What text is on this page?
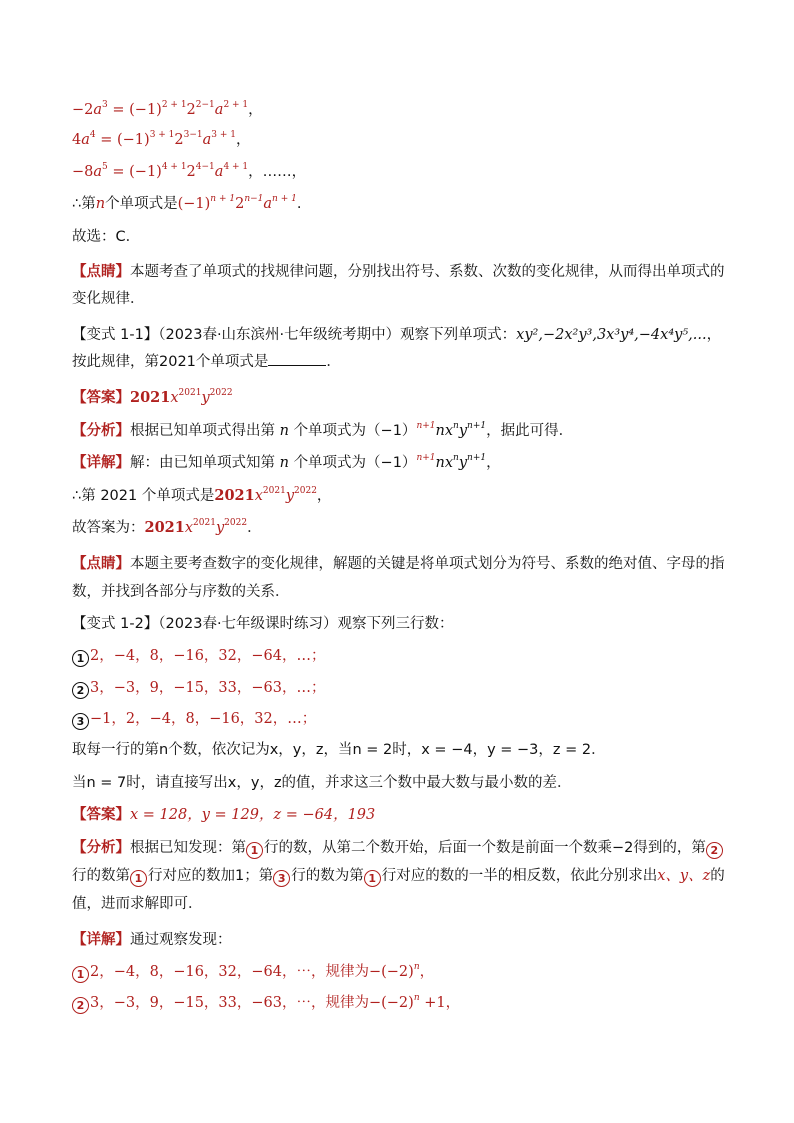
$-2a^3 = (-1)^{2 + 1}2^{2-1}a^{2 + 1}$，
$4a^4 = (-1)^{3 + 1}2^{3-1}a^{3 + 1}$，
$-8a^5 = (-1)^{4 + 1}2^{4-1}a^{4 + 1}$，……，
∴第n个单项式是$(-1)^{n + 1}2^{n-1}a^{n + 1}$.
故选：C．
【点睛】本题考查了单项式的找规律问题，分别找出符号、系数、次数的变化规律，从而得出单项式的变化规律．
【变式 1-1】（2023春·山东滨州·七年级统考期中）观察下列单项式：xy²,−2x²y³,3x³y⁴,−4x⁴y⁵,...，按此规律，第2021个单项式是	．
【答案】$2021x^{2021}y^{2022}$
【分析】根据已知单项式得出第 n 个单项式为$(-1)^{n+1}nx^ny^{n+1}$，据此可得．
【详解】解：由已知单项式知第 n 个单项式为$(-1)^{n+1}nx^ny^{n+1}$，
∴第 2021 个单项式是$2021x^{2021}y^{2022}$，
故答案为：$2021x^{2021}y^{2022}$．
【点睛】本题主要考查数字的变化规律，解题的关键是将单项式划分为符号、系数的绝对值、字母的指数，并找到各部分与序数的关系．
【变式 1-2】（2023春·七年级课时练习）观察下列三行数：
1 2，−4，8，−16，32，−64，…；
2 3，−3，9，−15，33，−63，…；
3 −1，2，−4，8，−16，32，…；
取每一行的第n个数，依次记为x，y，z，当n = 2时，x = −4，y = −3，z = 2．
当n = 7时，请直接写出x，y，z的值，并求这三个数中最大数与最小数的差．
【答案】x = 128，y = 129，z = −64，193
【分析】根据已知发现：第 1 行的数，从第二个数开始，后面一个数是前面一个数乘−2得到的，第 2行的数第 1 行对应的数加1；第 3 行的数为第 1 行对应的数的一半的相反数，依此分别求出x、y、z的值，进而求解即可．
【详解】通过观察发现：
1 2，−4，8，−16，32，−64，⋯，规律为$-(-2)^n$，
2 3，−3，9，−15，33，−63，⋯，规律为$-(-2)^n +1$，
